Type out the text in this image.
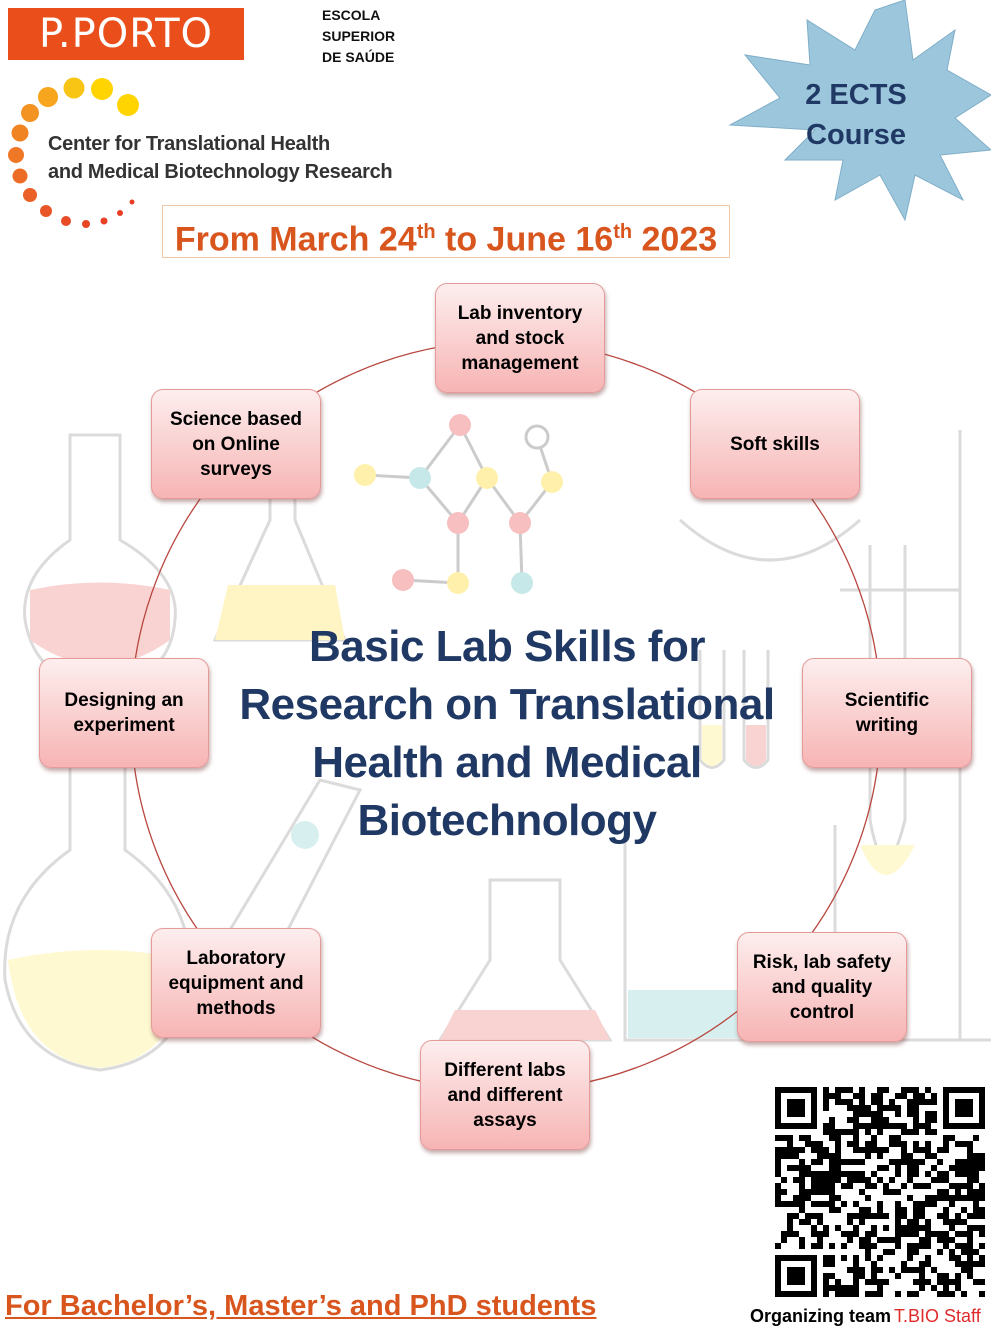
P.PORTO	ESCOLA
SUPERIOR
DE SAÚDE
Center for Translational Health
and Medical Biotechnology Research
From March 24th to June 16th 2023
2 ECTS
Course
Basic Lab Skills for
Research on Translational
Health and Medical
Biotechnology
Lab inventory and stock management
Soft skills
Scientific writing
Risk, lab safety and quality control
Different labs and different assays
Laboratory equipment and methods
Designing an experiment
Science based on Online surveys
For Bachelor’s, Master’s and PhD students	Organizing team T.BIO Staff
